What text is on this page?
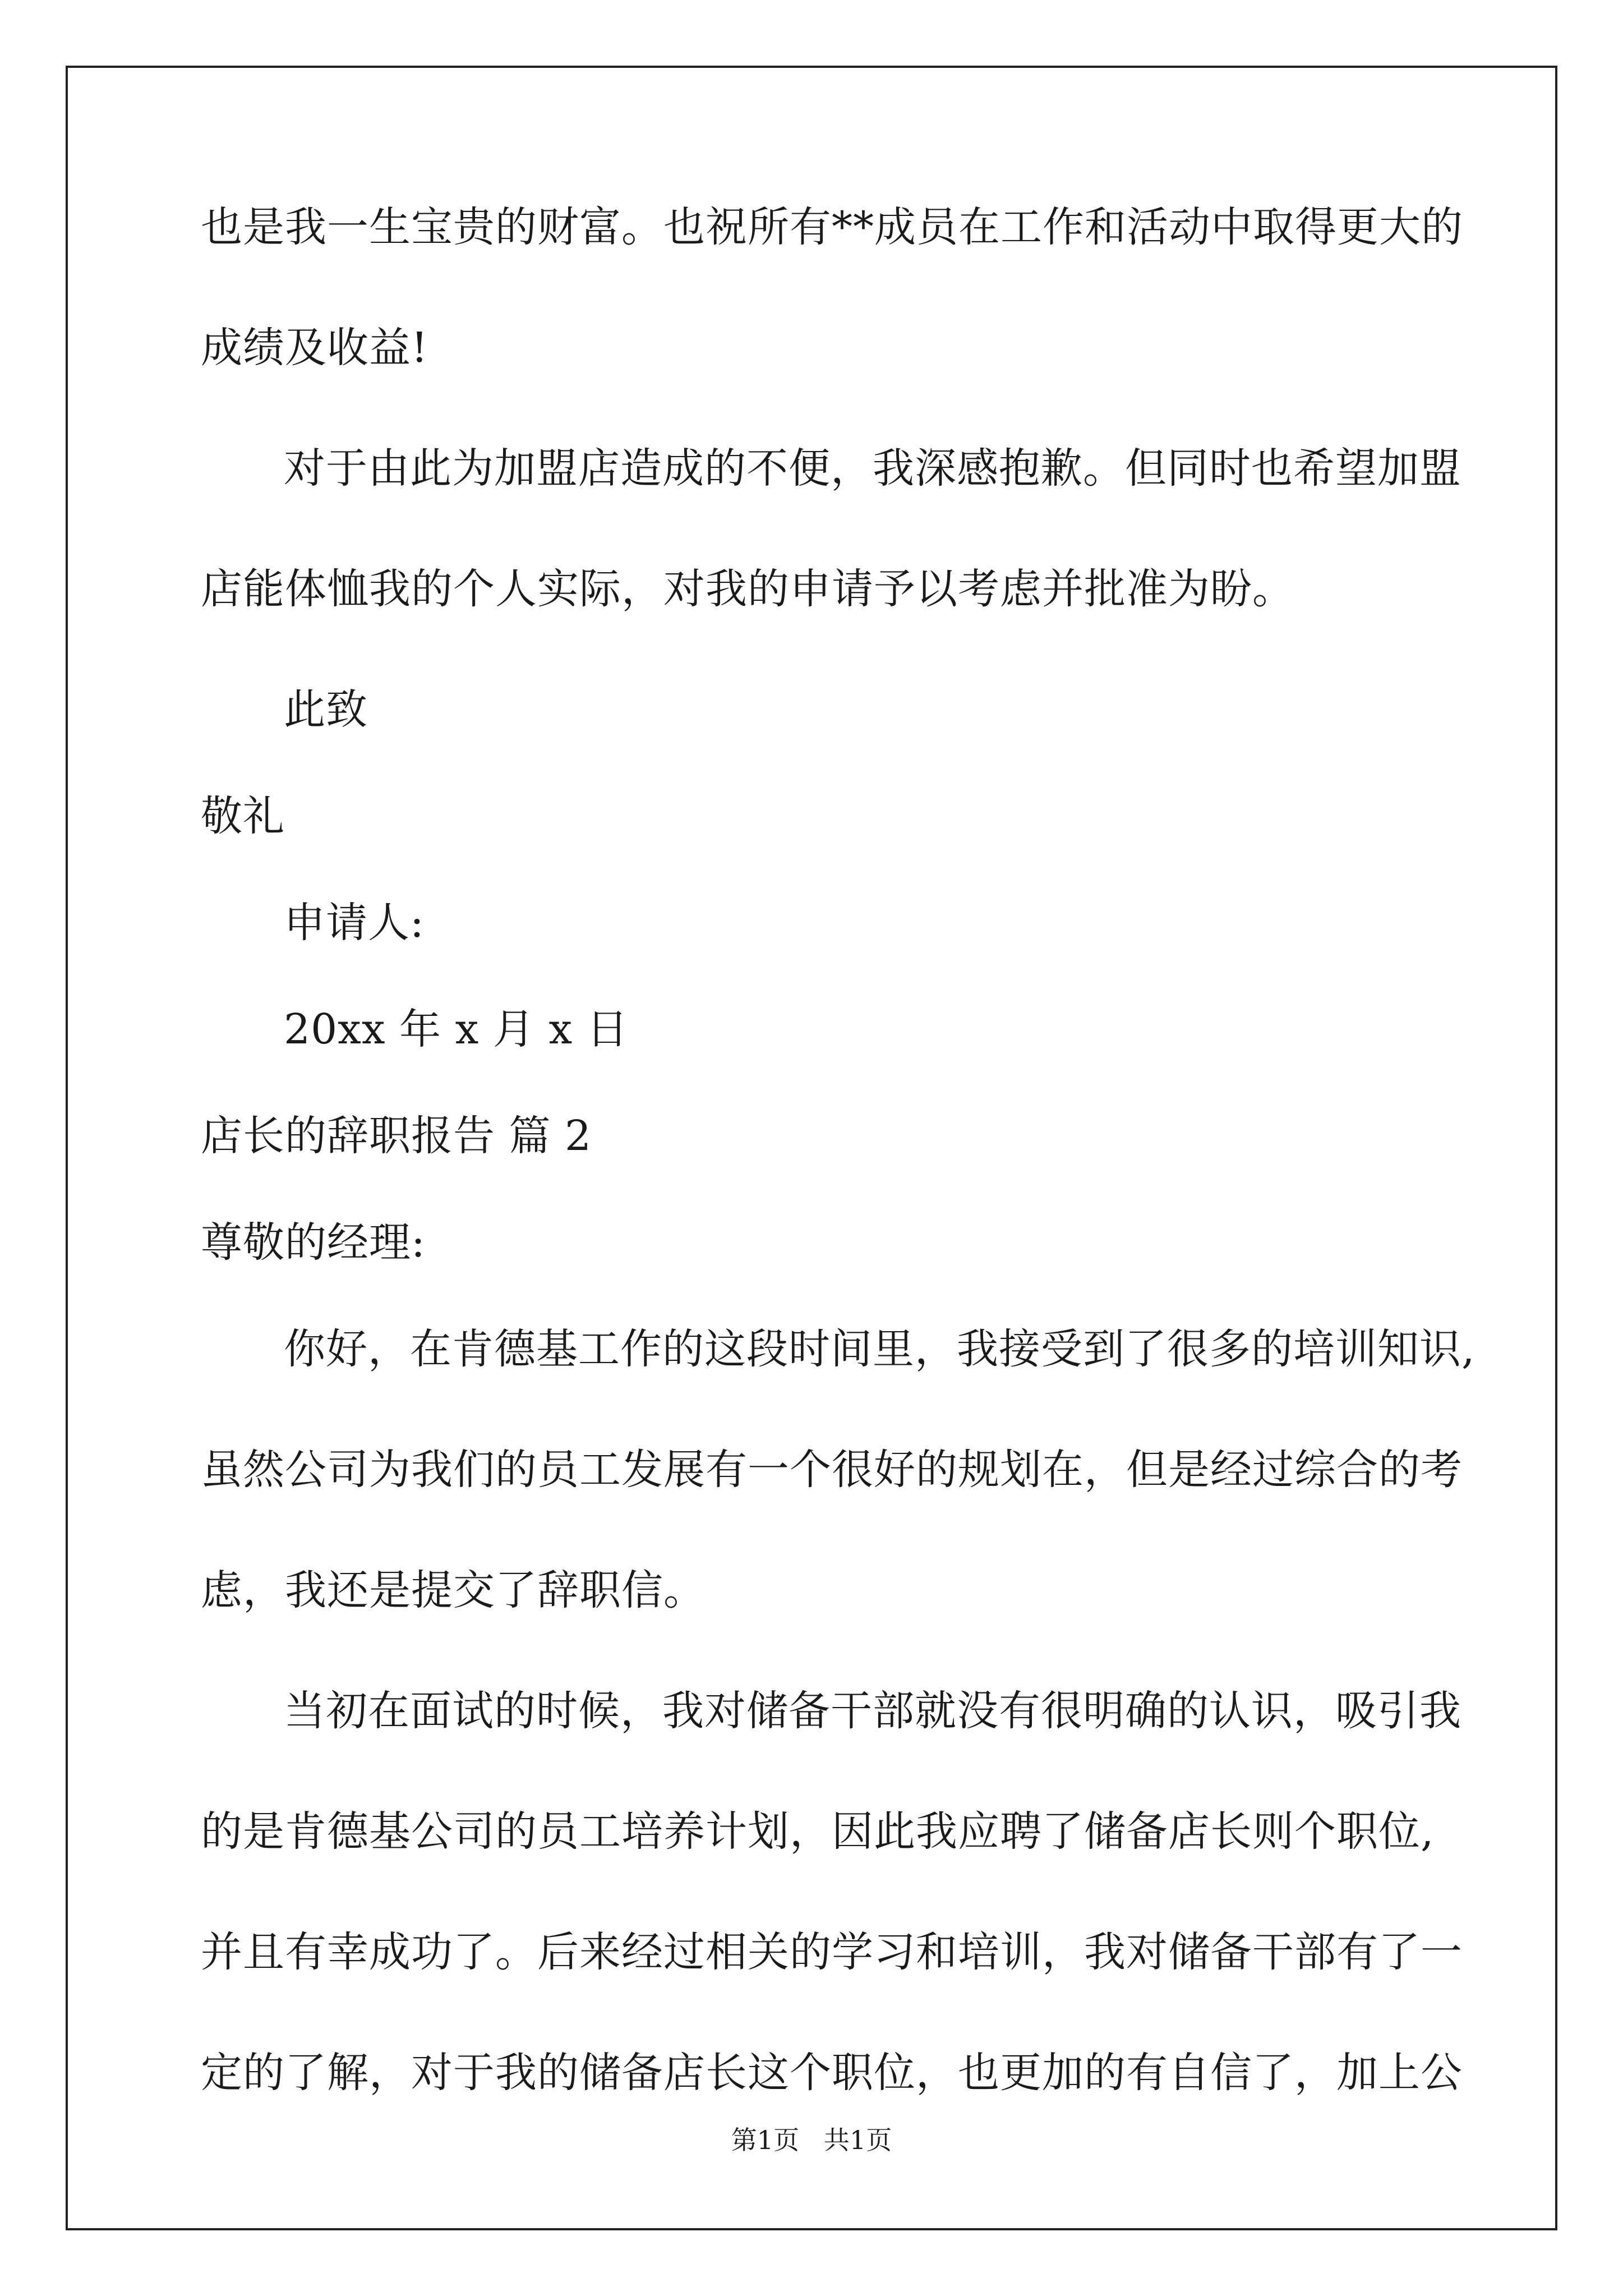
也是我一生宝贵的财富。也祝所有**成员在工作和活动中取得更大的
成绩及收益!
对于由此为加盟店造成的不便，我深感抱歉。但同时也希望加盟
店能体恤我的个人实际，对我的申请予以考虑并批准为盼。
此致
敬礼
申请人:
20xx 年 x 月 x 日
店长的辞职报告 篇 2
尊敬的经理:
你好，在肯德基工作的这段时间里，我接受到了很多的培训知识,
虽然公司为我们的员工发展有一个很好的规划在，但是经过综合的考
虑，我还是提交了辞职信。
当初在面试的时候，我对储备干部就没有很明确的认识，吸引我
的是肯德基公司的员工培养计划，因此我应聘了储备店长则个职位,
并且有幸成功了。后来经过相关的学习和培训，我对储备干部有了一
定的了解，对于我的储备店长这个职位，也更加的有自信了，加上公
第1页   共1页
